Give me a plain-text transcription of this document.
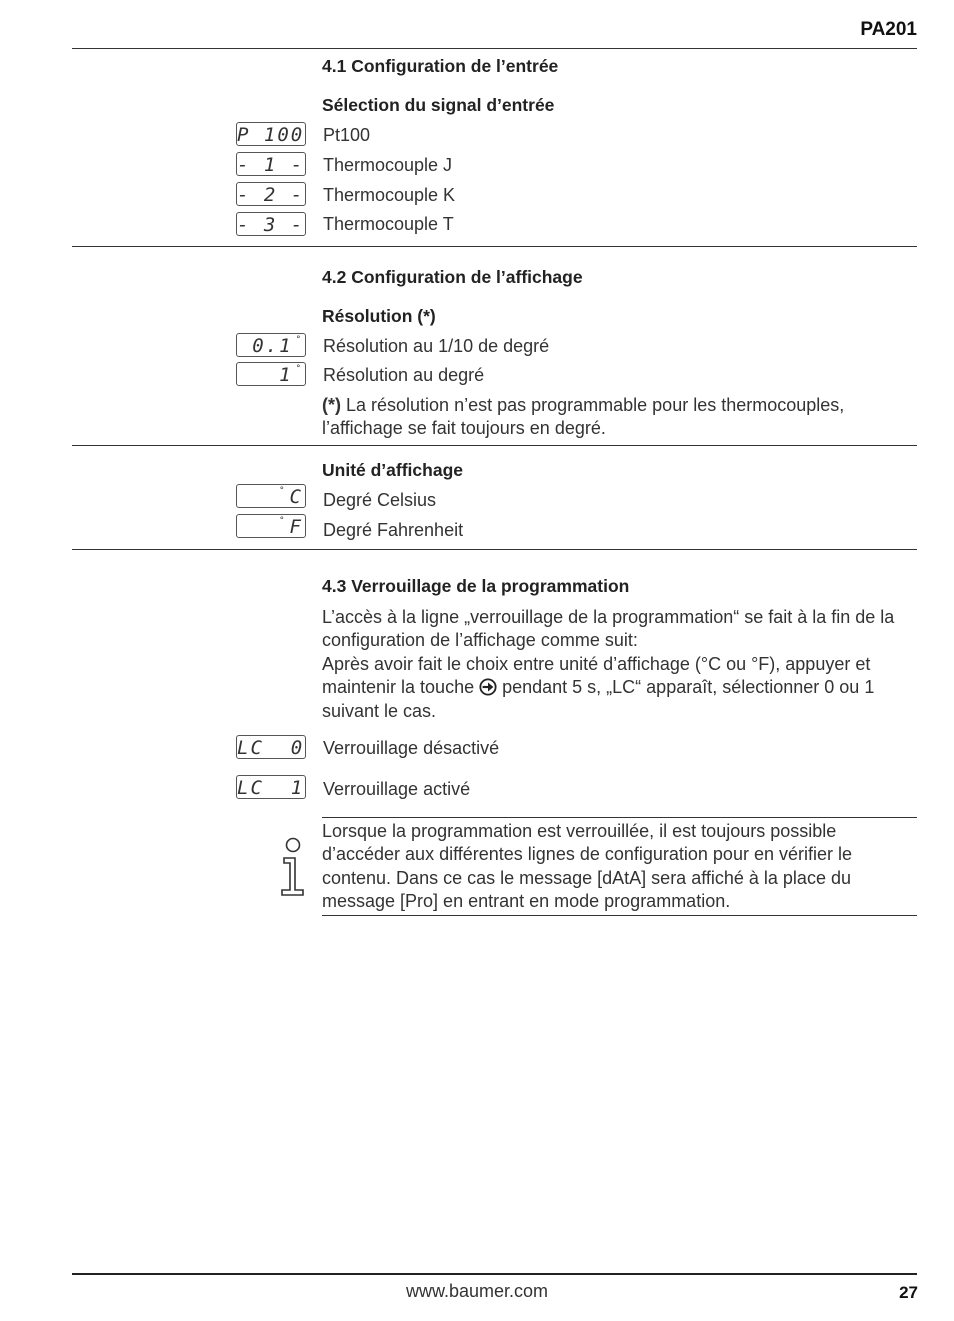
PA201
4.1 Configuration de l’entrée
Sélection du signal d’entrée
P 100 Pt100
- 1 - Thermocouple J
- 2 - Thermocouple K
- 3 - Thermocouple T
4.2 Configuration de l’affichage
Résolution (*)
0.1 ° Résolution au 1/10 de degré
1 ° Résolution au degré
(*) La résolution n’est pas programmable pour les thermocouples, l’affichage se fait toujours en degré.
Unité d’affichage
° C Degré Celsius
° F Degré Fahrenheit
4.3 Verrouillage de la programmation
L’accès à la ligne „verrouillage de la programmation“ se fait à la fin de la configuration de l’affichage comme suit:
Après avoir fait le choix entre unité d’affichage (°C ou °F), appuyer et maintenir la touche  pendant 5 s, „LC“ apparaît, sélectionner 0 ou 1 suivant le cas.
LC  0 Verrouillage désactivé
LC  1 Verrouillage activé
Lorsque la programmation est verrouillée, il est toujours possible d’accéder aux différentes lignes de configuration pour en vérifier le contenu. Dans ce cas le message [dAtA] sera affiché à la place du message [Pro] en entrant en mode programmation.
www.baumer.com	27
